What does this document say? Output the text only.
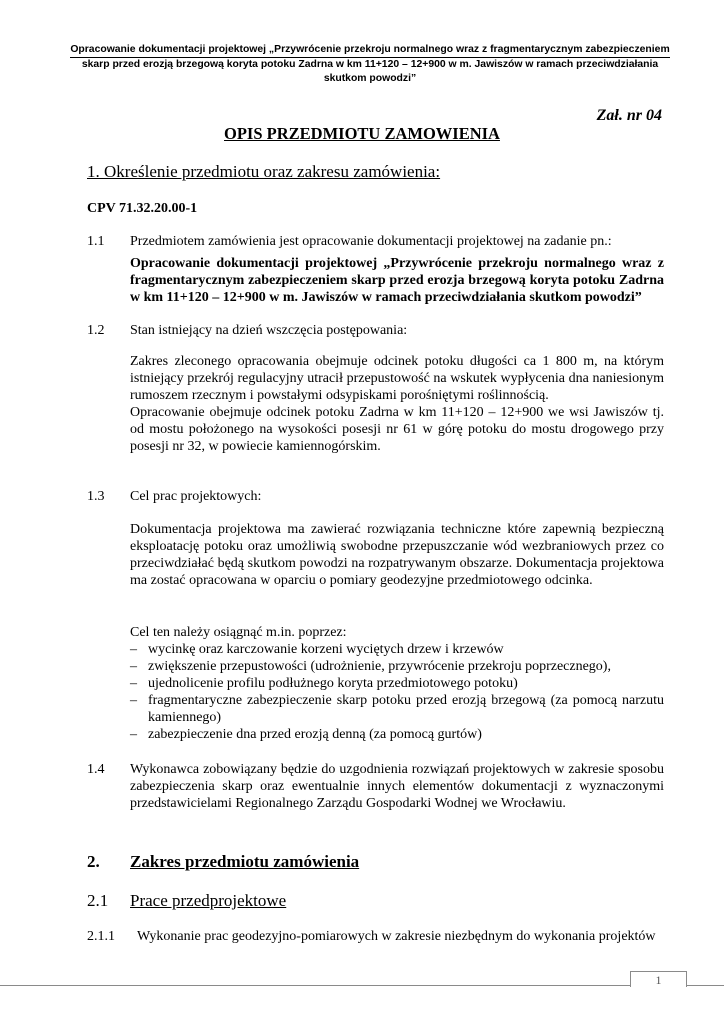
Opracowanie dokumentacji projektowej „Przywrócenie przekroju normalnego wraz z fragmentarycznym zabezpieczeniem
skarp przed erozją brzegową koryta potoku Zadrna w km 11+120 – 12+900 w m. Jawiszów w ramach przeciwdziałania
skutkom powodzi”
Zał. nr 04
OPIS PRZEDMIOTU ZAMOWIENIA
1. Określenie przedmiotu oraz zakresu zamówienia:
CPV 71.32.20.00-1
1.1 Przedmiotem zamówienia jest opracowanie dokumentacji projektowej na zadanie pn.:
Opracowanie dokumentacji projektowej „Przywrócenie przekroju normalnego wraz z fragmentarycznym zabezpieczeniem skarp przed erozja brzegową koryta potoku Zadrna w km 11+120 – 12+900 w m. Jawiszów w ramach przeciwdziałania skutkom powodzi”
1.2 Stan istniejący na dzień wszczęcia postępowania:
Zakres zleconego opracowania obejmuje odcinek potoku długości ca 1 800 m, na którym istniejący przekrój regulacyjny utracił przepustowość na wskutek wypłycenia dna naniesionym rumoszem rzecznym i powstałymi odsypiskami porośniętymi roślinnością.
Opracowanie obejmuje odcinek potoku Zadrna w km 11+120 – 12+900 we wsi Jawiszów tj. od mostu położonego na wysokości posesji nr 61 w górę potoku do mostu drogowego przy posesji nr 32, w powiecie kamiennogórskim.
1.3 Cel prac projektowych:
Dokumentacja projektowa ma zawierać rozwiązania techniczne które zapewnią bezpieczną eksploatację potoku oraz umożliwią swobodne przepuszczanie wód wezbraniowych przez co przeciwdziałać będą skutkom powodzi na rozpatrywanym obszarze. Dokumentacja projektowa ma zostać opracowana w oparciu o pomiary geodezyjne przedmiotowego odcinka.
Cel ten należy osiągnąć m.in. poprzez:
– wycinkę oraz karczowanie korzeni wyciętych drzew i krzewów
– zwiększenie przepustowości (udrożnienie, przywrócenie przekroju poprzecznego),
– ujednolicenie profilu podłużnego koryta przedmiotowego potoku)
– fragmentaryczne zabezpieczenie skarp potoku przed erozją brzegową (za pomocą narzutu kamiennego)
– zabezpieczenie dna przed erozją denną (za pomocą gurtów)
1.4 Wykonawca zobowiązany będzie do uzgodnienia rozwiązań projektowych w zakresie sposobu zabezpieczenia skarp oraz ewentualnie innych elementów dokumentacji z wyznaczonymi przedstawicielami Regionalnego Zarządu Gospodarki Wodnej we Wrocławiu.
2. Zakres przedmiotu zamówienia
2.1 Prace przedprojektowe
2.1.1 Wykonanie prac geodezyjno-pomiarowych w zakresie niezbędnym do wykonania projektów
1
